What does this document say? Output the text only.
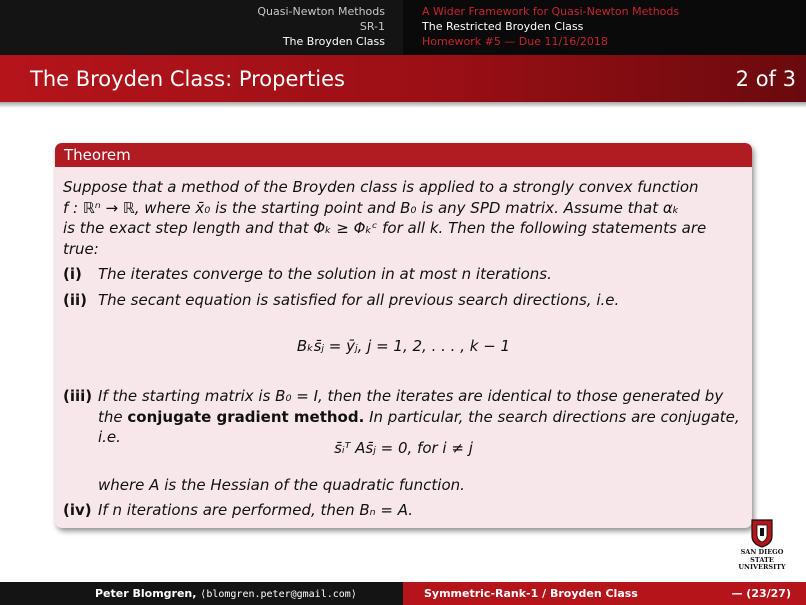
Quasi-Newton Methods
SR-1
The Broyden Class
A Wider Framework for Quasi-Newton Methods
The Restricted Broyden Class
Homework #5 — Due 11/16/2018
The Broyden Class: Properties	2 of 3
Theorem
Suppose that a method of the Broyden class is applied to a strongly convex function
f : ℝⁿ → ℝ, where x̄₀ is the starting point and B₀ is any SPD matrix. Assume that αₖ
is the exact step length and that Φₖ ≥ Φₖᶜ for all k. Then the following statements are
true:
(i) The iterates converge to the solution in at most n iterations.
(ii) The secant equation is satisfied for all previous search directions, i.e.
Bₖs̄ⱼ = ȳⱼ, j = 1, 2, . . . , k − 1
(iii) If the starting matrix is B₀ = I, then the iterates are identical to those generated by
the conjugate gradient method. In particular, the search directions are conjugate,
i.e.
s̄ᵢᵀ As̄ⱼ = 0, for i ≠ j
where A is the Hessian of the quadratic function.
(iv) If n iterations are performed, then Bₙ = A.
SAN DIEGO STATE
UNIVERSITY
Peter Blomgren, ⟨blomgren.peter@gmail.com⟩	Symmetric-Rank-1 / Broyden Class	— (23/27)
